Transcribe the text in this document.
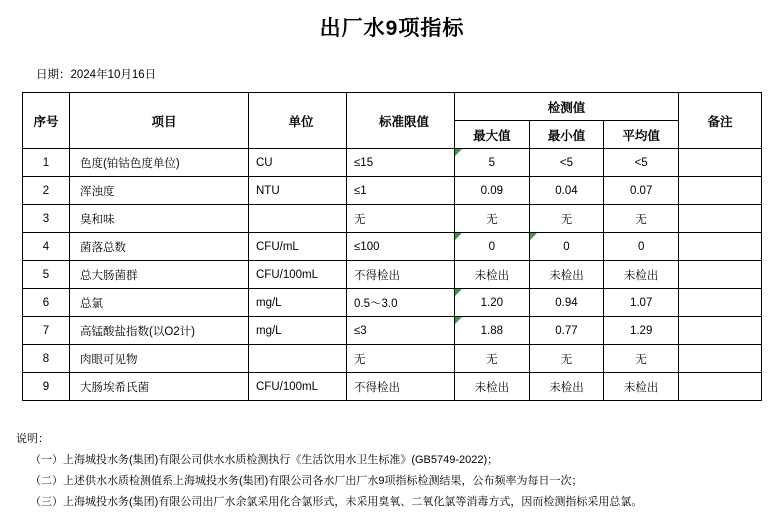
出厂水9项指标
日期：2024年10月16日
序号	项目	单位	标准限值	检测值			备注
				最大值	最小值	平均值	
1	色度(铂钴色度单位)	CU	≤15	5	<5	<5	
2	浑浊度	NTU	≤1	0.09	0.04	0.07	
3	臭和味		无	无	无	无	
4	菌落总数	CFU/mL	≤100	0	0	0	
5	总大肠菌群	CFU/100mL	不得检出	未检出	未检出	未检出	
6	总氯	mg/L	0.5～3.0	1.20	0.94	1.07	
7	高锰酸盐指数(以O2计)	mg/L	≤3	1.88	0.77	1.29	
8	肉眼可见物		无	无	无	无	
9	大肠埃希氏菌	CFU/100mL	不得检出	未检出	未检出	未检出	
说明：
（一）上海城投水务(集团)有限公司供水水质检测执行《生活饮用水卫生标准》(GB5749-2022)；
（二）上述供水水质检测值系上海城投水务(集团)有限公司各水厂出厂水9项指标检测结果，公布频率为每日一次；
（三）上海城投水务(集团)有限公司出厂水余氯采用化合氯形式，未采用臭氧、二氧化氯等消毒方式，因而检测指标采用总氯。
